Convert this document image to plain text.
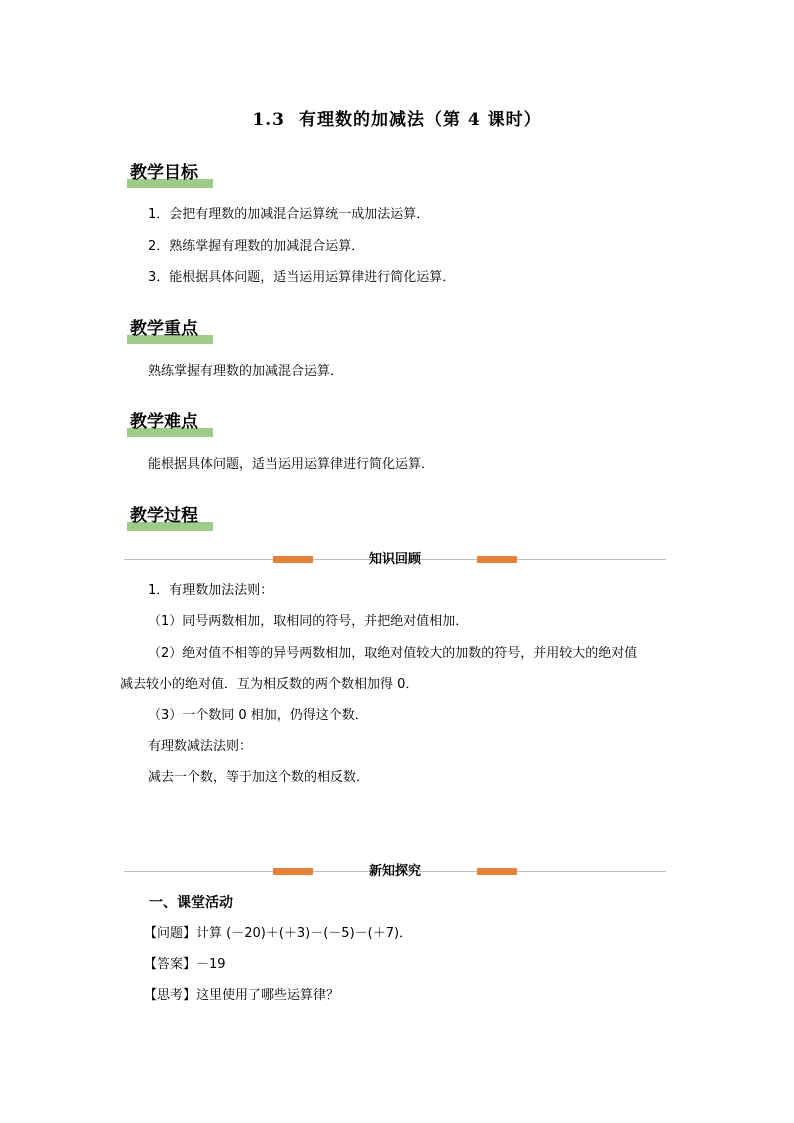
1.3 有理数的加减法（第 4 课时）
教学目标
1．会把有理数的加减混合运算统一成加法运算．
2．熟练掌握有理数的加减混合运算．
3．能根据具体问题，适当运用运算律进行简化运算．
教学重点
熟练掌握有理数的加减混合运算．
教学难点
能根据具体问题，适当运用运算律进行简化运算．
教学过程
知识回顾
1．有理数加法法则：
（1）同号两数相加，取相同的符号，并把绝对值相加．
（2）绝对值不相等的异号两数相加，取绝对值较大的加数的符号，并用较大的绝对值
减去较小的绝对值．互为相反数的两个数相加得 0．
（3）一个数同 0 相加，仍得这个数．
有理数减法法则：
减去一个数，等于加这个数的相反数．
新知探究
一、课堂活动
【问题】计算 (－20)＋(＋3)－(－5)－(＋7)．
【答案】－19
【思考】这里使用了哪些运算律？
